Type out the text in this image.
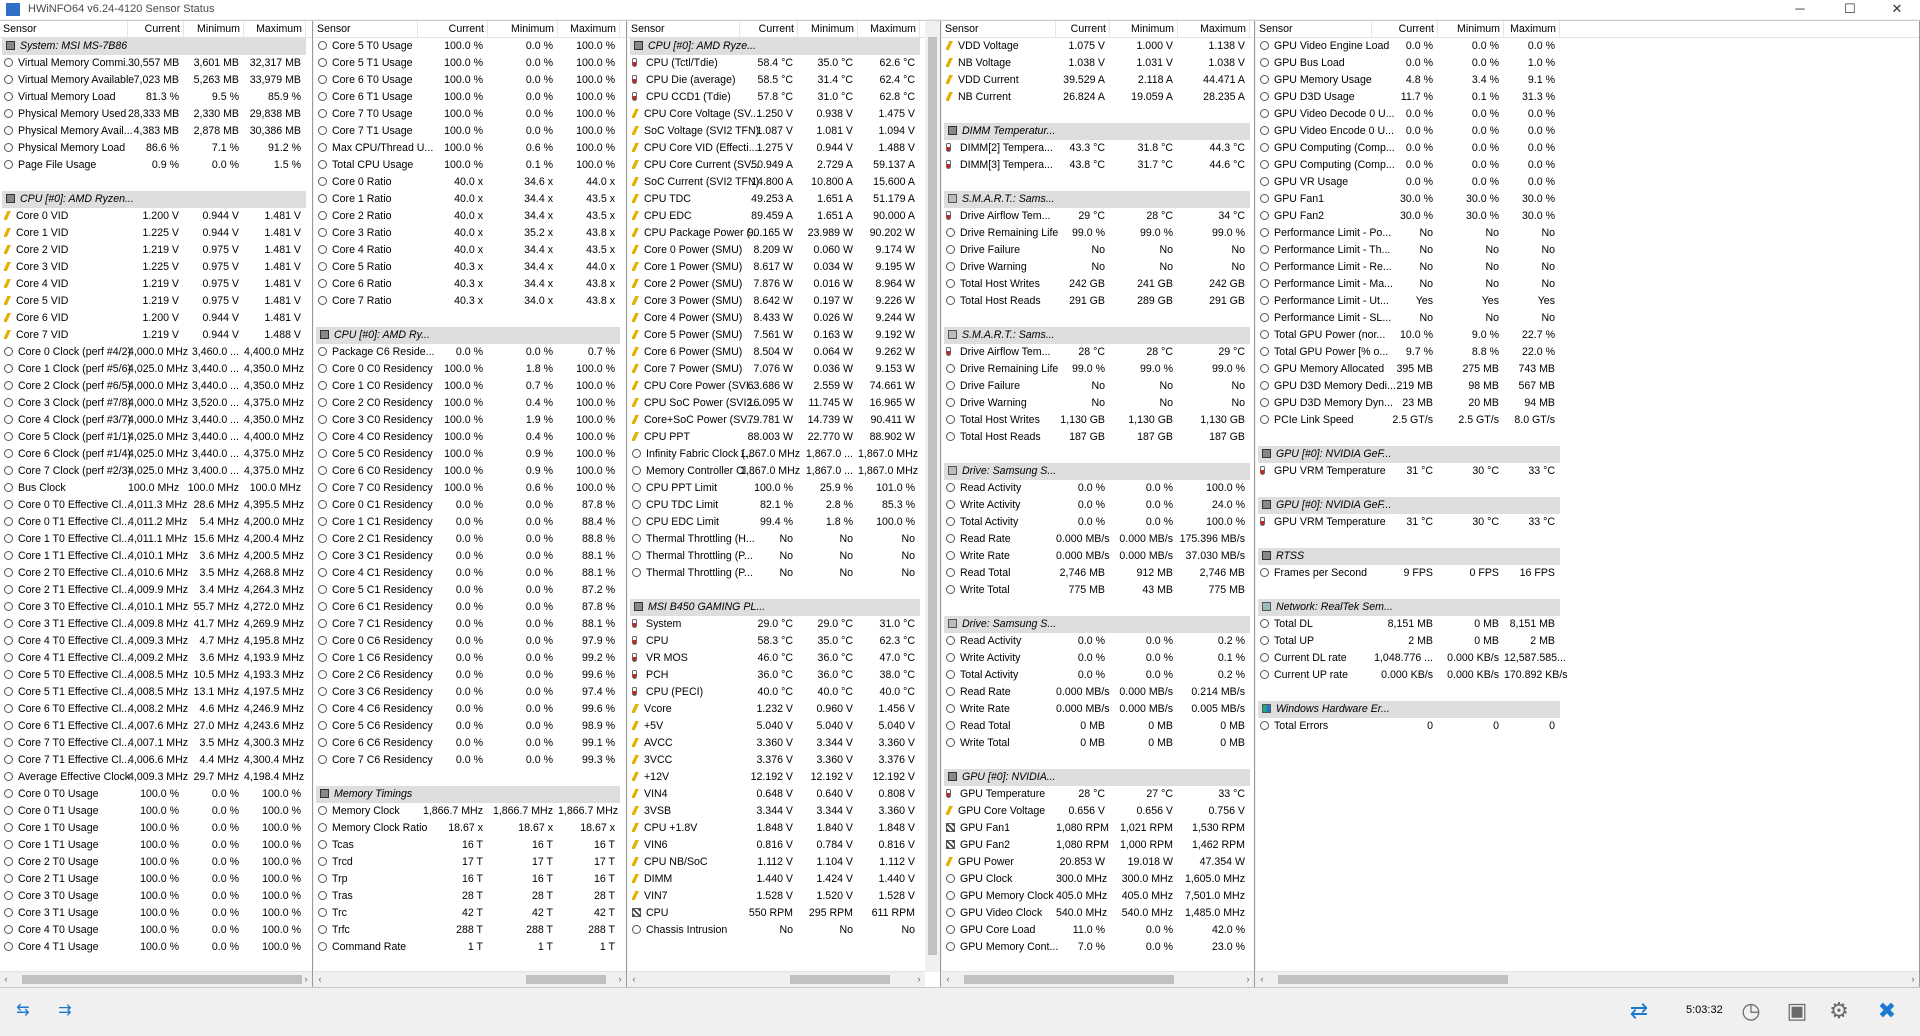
HWiNFO64 v6.24-4120 Sensor Status	─	☐	✕
Sensor	Current Minimum Maximum
System: MSI MS-7B86
Virtual Memory Commi...30,557 MB 3,601 MB 32,317 MB
Virtual Memory Available7,023 MB 5,263 MB 33,979 MB
Virtual Memory Load	81.3 %	9.5 %	85.9 %
Physical Memory Used 28,333 MB 2,330 MB 29,838 MB
Physical Memory Avail...4,383 MB 2,878 MB 30,386 MB
Physical Memory Load 86.6 %	7.1 %	91.2 %
Page File Usage	0.9 %	0.0 %	1.5 %
CPU [#0]: AMD Ryzen...
Core 0 VID	1.200 V 0.944 V 1.481 V
Core 1 VID	1.225 V 0.944 V 1.481 V
Core 2 VID	1.219 V 0.975 V 1.481 V
Core 3 VID	1.225 V 0.975 V 1.481 V
Core 4 VID	1.219 V 0.975 V 1.481 V
Core 5 VID	1.219 V 0.975 V 1.481 V
Core 6 VID	1.200 V 0.944 V 1.481 V
Core 7 VID	1.219 V 0.944 V 1.488 V
Core 0 Clock (perf #4/2)4,000.0 MHz 3,460.0 ... 4,400.0 MHz
Core 1 Clock (perf #5/6)4,025.0 MHz 3,440.0 ... 4,350.0 MHz
Core 2 Clock (perf #6/5)4,000.0 MHz 3,440.0 ... 4,350.0 MHz
Core 3 Clock (perf #7/8)4,000.0 MHz 3,520.0 ... 4,375.0 MHz
Core 4 Clock (perf #3/7)4,000.0 MHz 3,440.0 ... 4,350.0 MHz
Core 5 Clock (perf #1/1)4,025.0 MHz 3,440.0 ... 4,400.0 MHz
Core 6 Clock (perf #1/4)4,025.0 MHz 3,440.0 ... 4,375.0 MHz
Core 7 Clock (perf #2/3)4,025.0 MHz 3,400.0 ... 4,375.0 MHz
Bus Clock	100.0 MHz 100.0 MHz 100.0 MHz
Core 0 T0 Effective Cl...4,011.3 MHz 28.6 MHz 4,395.5 MHz
Core 0 T1 Effective Cl...4,011.2 MHz 5.4 MHz 4,200.0 MHz
Core 1 T0 Effective Cl...4,011.1 MHz 15.6 MHz 4,200.4 MHz
Core 1 T1 Effective Cl...4,010.1 MHz 3.6 MHz 4,200.5 MHz
Core 2 T0 Effective Cl...4,010.6 MHz 3.5 MHz 4,268.8 MHz
Core 2 T1 Effective Cl...4,009.9 MHz 3.4 MHz 4,264.3 MHz
Core 3 T0 Effective Cl...4,010.1 MHz 55.7 MHz 4,272.0 MHz
Core 3 T1 Effective Cl...4,009.8 MHz 41.7 MHz 4,269.9 MHz
Core 4 T0 Effective Cl...4,009.3 MHz 4.7 MHz 4,195.8 MHz
Core 4 T1 Effective Cl...4,009.2 MHz 3.6 MHz 4,193.9 MHz
Core 5 T0 Effective Cl...4,008.5 MHz 10.5 MHz 4,193.3 MHz
Core 5 T1 Effective Cl...4,008.5 MHz 13.1 MHz 4,197.5 MHz
Core 6 T0 Effective Cl...4,008.2 MHz 4.6 MHz 4,246.9 MHz
Core 6 T1 Effective Cl...4,007.6 MHz 27.0 MHz 4,243.6 MHz
Core 7 T0 Effective Cl...4,007.1 MHz 3.5 MHz 4,300.3 MHz
Core 7 T1 Effective Cl...4,006.6 MHz 4.4 MHz 4,300.4 MHz
Average Effective Clock4,009.3 MHz 29.7 MHz 4,198.4 MHz
Core 0 T0 Usage	100.0 %	0.0 % 100.0 %
Core 0 T1 Usage	100.0 %	0.0 % 100.0 %
Core 1 T0 Usage	100.0 %	0.0 % 100.0 %
Core 1 T1 Usage	100.0 %	0.0 % 100.0 %
Core 2 T0 Usage	100.0 %	0.0 % 100.0 %
Core 2 T1 Usage	100.0 %	0.0 % 100.0 %
Core 3 T0 Usage	100.0 %	0.0 % 100.0 %
Core 3 T1 Usage	100.0 %	0.0 % 100.0 %
Core 4 T0 Usage	100.0 %	0.0 % 100.0 %
Core 4 T1 Usage	100.0 %	0.0 % 100.0 %
‹	›
Sensor	Current	Minimum Maximum
Core 5 T0 Usage	100.0 %	0.0 % 100.0 %
Core 5 T1 Usage	100.0 %	0.0 % 100.0 %
Core 6 T0 Usage	100.0 %	0.0 % 100.0 %
Core 6 T1 Usage	100.0 %	0.0 % 100.0 %
Core 7 T0 Usage	100.0 %	0.0 % 100.0 %
Core 7 T1 Usage	100.0 %	0.0 % 100.0 %
Max CPU/Thread U... 100.0 %	0.6 % 100.0 %
Total CPU Usage	100.0 %	0.1 % 100.0 %
Core 0 Ratio	40.0 x	34.6 x	44.0 x
Core 1 Ratio	40.0 x	34.4 x	43.5 x
Core 2 Ratio	40.0 x	34.4 x	43.5 x
Core 3 Ratio	40.0 x	35.2 x	43.8 x
Core 4 Ratio	40.0 x	34.4 x	43.5 x
Core 5 Ratio	40.3 x	34.4 x	44.0 x
Core 6 Ratio	40.3 x	34.4 x	43.8 x
Core 7 Ratio	40.3 x	34.0 x	43.8 x
CPU [#0]: AMD Ry...
Package C6 Reside... 0.0 %	0.0 %	0.7 %
Core 0 C0 Residency 100.0 %	1.8 % 100.0 %
Core 1 C0 Residency 100.0 %	0.7 % 100.0 %
Core 2 C0 Residency 100.0 %	0.4 % 100.0 %
Core 3 C0 Residency 100.0 %	1.9 % 100.0 %
Core 4 C0 Residency 100.0 %	0.4 % 100.0 %
Core 5 C0 Residency 100.0 %	0.9 % 100.0 %
Core 6 C0 Residency 100.0 %	0.9 % 100.0 %
Core 7 C0 Residency 100.0 %	0.6 % 100.0 %
Core 0 C1 Residency 0.0 %	0.0 %	87.8 %
Core 1 C1 Residency 0.0 %	0.0 %	88.4 %
Core 2 C1 Residency 0.0 %	0.0 %	88.8 %
Core 3 C1 Residency 0.0 %	0.0 %	88.1 %
Core 4 C1 Residency 0.0 %	0.0 %	88.1 %
Core 5 C1 Residency 0.0 %	0.0 %	87.2 %
Core 6 C1 Residency 0.0 %	0.0 %	87.8 %
Core 7 C1 Residency 0.0 %	0.0 %	88.1 %
Core 0 C6 Residency 0.0 %	0.0 %	97.9 %
Core 1 C6 Residency 0.0 %	0.0 %	99.2 %
Core 2 C6 Residency 0.0 %	0.0 %	99.6 %
Core 3 C6 Residency 0.0 %	0.0 %	97.4 %
Core 4 C6 Residency 0.0 %	0.0 %	99.6 %
Core 5 C6 Residency 0.0 %	0.0 %	98.9 %
Core 6 C6 Residency 0.0 %	0.0 %	99.1 %
Core 7 C6 Residency 0.0 %	0.0 %	99.3 %
Memory Timings
Memory Clock 1,866.7 MHz 1,866.7 MHz 1,866.7 MHz
Memory Clock Ratio 18.67 x	18.67 x	18.67 x
Tcas	16 T	16 T	16 T
Trcd	17 T	17 T	17 T
Trp	16 T	16 T	16 T
Tras	28 T	28 T	28 T
Trc	42 T	42 T	42 T
Trfc	288 T	288 T	288 T
Command Rate	1 T	1 T	1 T
‹	›
Sensor	Current Minimum Maximum
CPU [#0]: AMD Ryze...
CPU (Tctl/Tdie)	58.4 °C 35.0 °C	62.6 °C
CPU Die (average) 58.5 °C 31.4 °C	62.4 °C
CPU CCD1 (Tdie)	57.8 °C 31.0 °C	62.8 °C
CPU Core Voltage (SV...1.250 V 0.938 V 1.475 V
SoC Voltage (SVI2 TFN)1.087 V 1.081 V 1.094 V
CPU Core VID (Effecti...1.275 V 0.944 V 1.488 V
CPU Core Current (SV...50.949 A 2.729 A 59.137 A
SoC Current (SVI2 TFN)14.800 A 10.800 A 15.600 A
CPU TDC	49.253 A 1.651 A 51.179 A
CPU EDC	89.459 A 1.651 A 90.000 A
CPU Package Power (...90.165 W 23.989 W 90.202 W
Core 0 Power (SMU) 8.209 W 0.060 W 9.174 W
Core 1 Power (SMU) 8.617 W 0.034 W 9.195 W
Core 2 Power (SMU) 7.876 W 0.016 W 8.964 W
Core 3 Power (SMU) 8.642 W 0.197 W 9.226 W
Core 4 Power (SMU) 8.433 W 0.026 W 9.244 W
Core 5 Power (SMU) 7.561 W 0.163 W 9.192 W
Core 6 Power (SMU) 8.504 W 0.064 W 9.262 W
Core 7 Power (SMU) 7.076 W 0.036 W 9.153 W
CPU Core Power (SVI...63.686 W 2.559 W 74.661 W
CPU SoC Power (SVI2...16.095 W 11.745 W 16.965 W
Core+SoC Power (SV...79.781 W 14.739 W 90.411 W
CPU PPT	88.003 W 22.770 W 88.902 W
Infinity Fabric Clock (...1,867.0 MHz 1,867.0 ... 1,867.0 MHz
Memory Controller Cl...1,867.0 MHz 1,867.0 ... 1,867.0 MHz
CPU PPT Limit	100.0 %	25.9 % 101.0 %
CPU TDC Limit	82.1 %	2.8 %	85.3 %
CPU EDC Limit	99.4 %	1.8 % 100.0 %
Thermal Throttling (H... No	No	No
Thermal Throttling (P...	No	No	No
Thermal Throttling (P...	No	No	No
MSI B450 GAMING PL...
System	29.0 °C 29.0 °C	31.0 °C
CPU	58.3 °C 35.0 °C	62.3 °C
VR MOS	46.0 °C 36.0 °C	47.0 °C
PCH	36.0 °C 36.0 °C	38.0 °C
CPU (PECI)	40.0 °C 40.0 °C	40.0 °C
Vcore	1.232 V 0.960 V 1.456 V
+5V	5.040 V 5.040 V 5.040 V
AVCC	3.360 V 3.344 V 3.360 V
3VCC	3.376 V 3.360 V 3.376 V
+12V	12.192 V 12.192 V 12.192 V
VIN4	0.648 V 0.640 V 0.808 V
3VSB	3.344 V 3.344 V 3.360 V
CPU +1.8V	1.848 V 1.840 V 1.848 V
VIN6	0.816 V 0.784 V 0.816 V
CPU NB/SoC	1.112 V 1.104 V 1.112 V
DIMM	1.440 V 1.424 V 1.440 V
VIN7	1.528 V 1.520 V 1.528 V
CPU	550 RPM 295 RPM 611 RPM
Chassis Intrusion	No	No	No
‹	›
Sensor	Current Minimum Maximum
VDD Voltage	1.075 V	1.000 V	1.138 V
NB Voltage	1.038 V	1.031 V	1.038 V
VDD Current	39.529 A	2.118 A	44.471 A
NB Current	26.824 A 19.059 A	28.235 A
DIMM Temperatur...
DIMM[2] Tempera... 43.3 °C	31.8 °C	44.3 °C
DIMM[3] Tempera... 43.8 °C	31.7 °C	44.6 °C
S.M.A.R.T.: Sams...
Drive Airflow Tem...	29 °C	28 °C	34 °C
Drive Remaining Life 99.0 %	99.0 %	99.0 %
Drive Failure	No	No	No
Drive Warning	No	No	No
Total Host Writes	242 GB	241 GB	242 GB
Total Host Reads	291 GB	289 GB	291 GB
S.M.A.R.T.: Sams...
Drive Airflow Tem...	28 °C	28 °C	29 °C
Drive Remaining Life 99.0 %	99.0 %	99.0 %
Drive Failure	No	No	No
Drive Warning	No	No	No
Total Host Writes 1,130 GB 1,130 GB	1,130 GB
Total Host Reads	187 GB	187 GB	187 GB
Drive: Samsung S...
Read Activity	0.0 %	0.0 %	100.0 %
Write Activity	0.0 %	0.0 %	24.0 %
Total Activity	0.0 %	0.0 %	100.0 %
Read Rate	0.000 MB/s 0.000 MB/s 175.396 MB/s
Write Rate	0.000 MB/s 0.000 MB/s 37.030 MB/s
Read Total	2,746 MB	912 MB	2,746 MB
Write Total	775 MB	43 MB	775 MB
Drive: Samsung S...
Read Activity	0.0 %	0.0 %	0.2 %
Write Activity	0.0 %	0.0 %	0.1 %
Total Activity	0.0 %	0.0 %	0.2 %
Read Rate	0.000 MB/s 0.000 MB/s 0.214 MB/s
Write Rate	0.000 MB/s 0.000 MB/s 0.005 MB/s
Read Total	0 MB	0 MB	0 MB
Write Total	0 MB	0 MB	0 MB
GPU [#0]: NVIDIA...
GPU Temperature	28 °C	27 °C	33 °C
GPU Core Voltage 0.656 V	0.656 V	0.756 V
GPU Fan1	1,080 RPM 1,021 RPM 1,530 RPM
GPU Fan2	1,080 RPM 1,000 RPM 1,462 RPM
GPU Power	20.853 W 19.018 W	47.354 W
GPU Clock	300.0 MHz 300.0 MHz 1,605.0 MHz
GPU Memory Clock 405.0 MHz 405.0 MHz 7,501.0 MHz
GPU Video Clock 540.0 MHz 540.0 MHz 1,485.0 MHz
GPU Core Load	11.0 %	0.0 %	42.0 %
GPU Memory Cont... 7.0 %	0.0 %	23.0 %
‹	›
Sensor	Current Minimum Maximum
GPU Video Engine Load 0.0 %	0.0 %	0.0 %
GPU Bus Load	0.0 %	0.0 %	1.0 %
GPU Memory Usage	4.8 %	3.4 %	9.1 %
GPU D3D Usage	11.7 %	0.1 % 31.3 %
GPU Video Decode 0 U... 0.0 %	0.0 %	0.0 %
GPU Video Encode 0 U... 0.0 %	0.0 %	0.0 %
GPU Computing (Comp... 0.0 %	0.0 %	0.0 %
GPU Computing (Comp... 0.0 %	0.0 %	0.0 %
GPU VR Usage	0.0 %	0.0 %	0.0 %
GPU Fan1	30.0 %	30.0 % 30.0 %
GPU Fan2	30.0 %	30.0 % 30.0 %
Performance Limit - Po...	No	No	No
Performance Limit - Th...	No	No	No
Performance Limit - Re...	No	No	No
Performance Limit - Ma...	No	No	No
Performance Limit - Ut...	Yes	Yes	Yes
Performance Limit - SL...	No	No	No
Total GPU Power (nor... 10.0 %	9.0 % 22.7 %
Total GPU Power [% o... 9.7 %	8.8 % 22.0 %
GPU Memory Allocated 395 MB	275 MB 743 MB
GPU D3D Memory Dedi...219 MB	98 MB 567 MB
GPU D3D Memory Dyn... 23 MB	20 MB 94 MB
PCIe Link Speed	2.5 GT/s 2.5 GT/s 8.0 GT/s
GPU [#0]: NVIDIA GeF...
GPU VRM Temperature 31 °C	30 °C	33 °C
GPU [#0]: NVIDIA GeF...
GPU VRM Temperature 31 °C	30 °C	33 °C
RTSS
Frames per Second	9 FPS	0 FPS 16 FPS
Network: RealTek Sem...
Total DL	8,151 MB	0 MB 8,151 MB
Total UP	2 MB	0 MB	2 MB
Current DL rate	1,048.776 ... 0.000 KB/s 12,587.585...
Current UP rate	0.000 KB/s 0.000 KB/s 170.892 KB/s
Windows Hardware Er...
Total Errors	0	0	0
‹	›
⇆	⇉	⇄	5:03:32 ◷	▣ ⚙	✖
